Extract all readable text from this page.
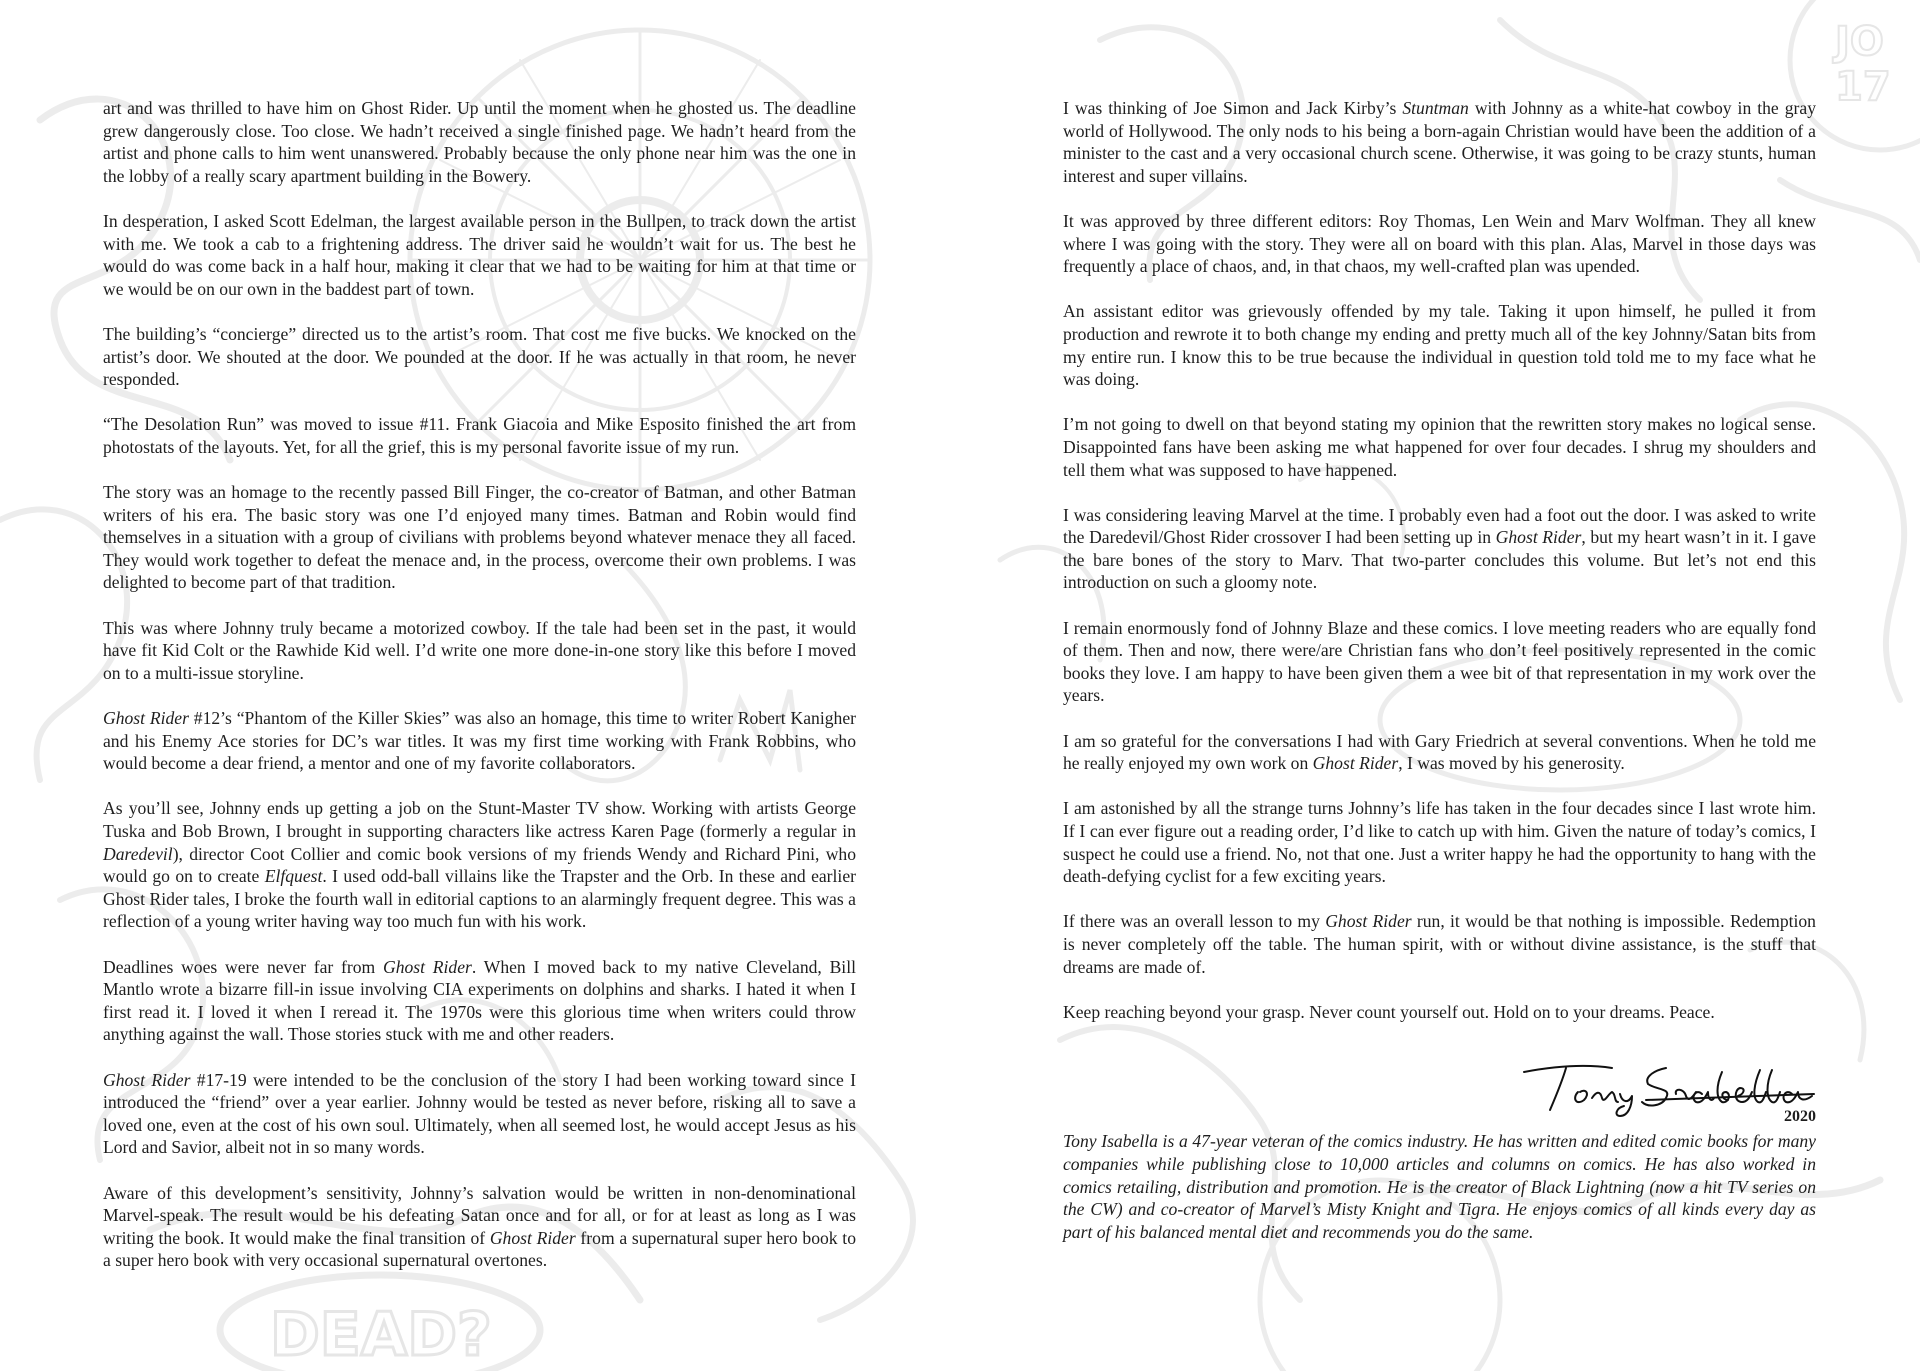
DEAD?
JO
17

art and was thrilled to have him on Ghost Rider. Up until the moment when he ghosted us. The deadline grew dangerously close. Too close. We hadn’t received a single finished page. We hadn’t heard from the artist and phone calls to him went unanswered. Probably because the only phone near him was the one in the lobby of a really scary apartment building in the Bowery.

In desperation, I asked Scott Edelman, the largest available person in the Bullpen, to track down the artist with me. We took a cab to a frightening address. The driver said he wouldn’t wait for us. The best he would do was come back in a half hour, making it clear that we had to be waiting for him at that time or we would be on our own in the baddest part of town.

The building’s “concierge” directed us to the artist’s room. That cost me five bucks. We knocked on the artist’s door. We shouted at the door. We pounded at the door. If he was actually in that room, he never responded.

“The Desolation Run” was moved to issue #11. Frank Giacoia and Mike Esposito finished the art from photostats of the layouts. Yet, for all the grief, this is my personal favorite issue of my run.

The story was an homage to the recently passed Bill Finger, the co-creator of Batman, and other Batman writers of his era. The basic story was one I’d enjoyed many times. Batman and Robin would find themselves in a situation with a group of civilians with problems beyond whatever menace they all faced. They would work together to defeat the menace and, in the process, overcome their own problems. I was delighted to become part of that tradition.

This was where Johnny truly became a motorized cowboy. If the tale had been set in the past, it would have fit Kid Colt or the Rawhide Kid well. I’d write one more done-in-one story like this before I moved on to a multi-issue storyline.

Ghost Rider #12’s “Phantom of the Killer Skies” was also an homage, this time to writer Robert Kanigher and his Enemy Ace stories for DC’s war titles. It was my first time working with Frank Robbins, who would become a dear friend, a mentor and one of my favorite collaborators.

As you’ll see, Johnny ends up getting a job on the Stunt-Master TV show. Working with artists George Tuska and Bob Brown, I brought in supporting characters like actress Karen Page (formerly a regular in Daredevil), director Coot Collier and comic book versions of my friends Wendy and Richard Pini, who would go on to create Elfquest. I used odd-ball villains like the Trapster and the Orb. In these and earlier Ghost Rider tales, I broke the fourth wall in editorial captions to an alarmingly frequent degree. This was a reflection of a young writer having way too much fun with his work.

Deadlines woes were never far from Ghost Rider. When I moved back to my native Cleveland, Bill Mantlo wrote a bizarre fill-in issue involving CIA experiments on dolphins and sharks. I hated it when I first read it. I loved it when I reread it. The 1970s were this glorious time when writers could throw anything against the wall. Those stories stuck with me and other readers.

Ghost Rider #17-19 were intended to be the conclusion of the story I had been working toward since I introduced the “friend” over a year earlier. Johnny would be tested as never before, risking all to save a loved one, even at the cost of his own soul. Ultimately, when all seemed lost, he would accept Jesus as his Lord and Savior, albeit not in so many words.

Aware of this development’s sensitivity, Johnny’s salvation would be written in non-denominational Marvel-speak. The result would be his defeating Satan once and for all, or for at least as long as I was writing the book. It would make the final transition of Ghost Rider from a supernatural super hero book to a super hero book with very occasional supernatural overtones.

I was thinking of Joe Simon and Jack Kirby’s Stuntman with Johnny as a white-hat cowboy in the gray world of Hollywood. The only nods to his being a born-again Christian would have been the addition of a minister to the cast and a very occasional church scene. Otherwise, it was going to be crazy stunts, human interest and super villains.

It was approved by three different editors: Roy Thomas, Len Wein and Marv Wolfman. They all knew where I was going with the story. They were all on board with this plan. Alas, Marvel in those days was frequently a place of chaos, and, in that chaos, my well-crafted plan was upended.

An assistant editor was grievously offended by my tale. Taking it upon himself, he pulled it from production and rewrote it to both change my ending and pretty much all of the key Johnny/Satan bits from my entire run. I know this to be true because the individual in question told told me to my face what he was doing.

I’m not going to dwell on that beyond stating my opinion that the rewritten story makes no logical sense. Disappointed fans have been asking me what happened for over four decades. I shrug my shoulders and tell them what was supposed to have happened.

I was considering leaving Marvel at the time. I probably even had a foot out the door. I was asked to write the Daredevil/Ghost Rider crossover I had been setting up in Ghost Rider, but my heart wasn’t in it. I gave the bare bones of the story to Marv. That two-parter concludes this volume. But let’s not end this introduction on such a gloomy note.

I remain enormously fond of Johnny Blaze and these comics. I love meeting readers who are equally fond of them. Then and now, there were/are Christian fans who don’t feel positively represented in the comic books they love. I am happy to have been given them a wee bit of that representation in my work over the years.

I am so grateful for the conversations I had with Gary Friedrich at several conventions. When he told me he really enjoyed my own work on Ghost Rider, I was moved by his generosity.

I am astonished by all the strange turns Johnny’s life has taken in the four decades since I last wrote him. If I can ever figure out a reading order, I’d like to catch up with him. Given the nature of today’s comics, I suspect he could use a friend. No, not that one. Just a writer happy he had the opportunity to hang with the death-defying cyclist for a few exciting years.

If there was an overall lesson to my Ghost Rider run, it would be that nothing is impossible. Redemption is never completely off the table. The human spirit, with or without divine assistance, is the stuff that dreams are made of.

Keep reaching beyond your grasp. Never count yourself out. Hold on to your dreams. Peace.

2020

Tony Isabella is a 47-year veteran of the comics industry. He has written and edited comic books for many companies while publishing close to 10,000 articles and columns on comics. He has also worked in comics retailing, distribution and promotion. He is the creator of Black Lightning (now a hit TV series on the CW) and co-creator of Marvel’s Misty Knight and Tigra. He enjoys comics of all kinds every day as part of his balanced mental diet and recommends you do the same.
